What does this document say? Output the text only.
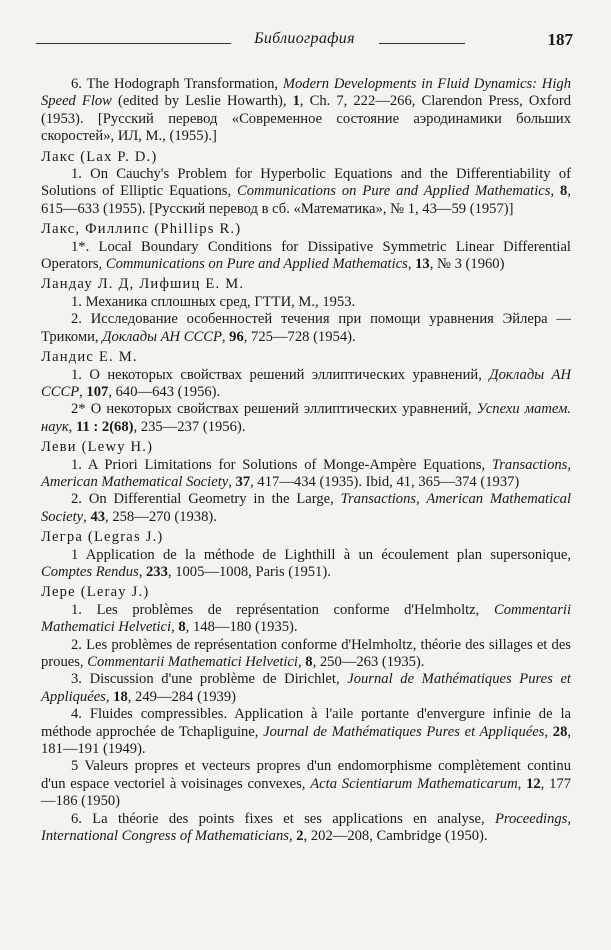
Библиография	187
6. The Hodograph Transformation, Modern Developments in Fluid Dynamics: High Speed Flow (edited by Leslie Howarth), 1, Ch. 7, 222—266, Clarendon Press, Oxford (1953). [Русский перевод «Современное состояние аэродинамики больших скоростей», ИЛ, М., (1955).]
Лакс (Lax P. D.)
1. On Cauchy's Problem for Hyperbolic Equations and the Differentiability of Solutions of Elliptic Equations, Communications on Pure and Applied Mathematics, 8, 615—633 (1955). [Русский перевод в сб. «Математика», № 1, 43—59 (1957)]
Лакс, Филлипс (Phillips R.)
1*. Local Boundary Conditions for Dissipative Symmetric Linear Differential Operators, Communications on Pure and Applied Mathematics, 13, № 3 (1960)
Ландау Л. Д, Лифшиц Е. М.
1. Механика сплошных сред, ГТТИ, М., 1953.
2. Исследование особенностей течения при помощи уравнения Эйлера — Трикоми, Доклады АН СССР, 96, 725—728 (1954).
Ландис Е. М.
1. О некоторых свойствах решений эллиптических уравнений, Доклады АН СССР, 107, 640—643 (1956).
2* О некоторых свойствах решений эллиптических уравнений, Успехи матем. наук, 11 : 2(68), 235—237 (1956).
Леви (Lewy H.)
1. A Priori Limitations for Solutions of Monge-Ampère Equations, Transactions, American Mathematical Society, 37, 417—434 (1935). Ibid, 41, 365—374 (1937)
2. On Differential Geometry in the Large, Transactions, American Mathematical Society, 43, 258—270 (1938).
Легра (Legras J.)
1 Application de la méthode de Lighthill à un écoulement plan supersonique, Comptes Rendus, 233, 1005—1008, Paris (1951).
Лере (Leray J.)
1. Les problèmes de représentation conforme d'Helmholtz, Commentarii Mathematici Helvetici, 8, 148—180 (1935).
2. Les problèmes de représentation conforme d'Helmholtz, théorie des sillages et des proues, Commentarii Mathematici Helvetici, 8, 250—263 (1935).
3. Discussion d'une problème de Dirichlet, Journal de Mathématiques Pures et Appliquées, 18, 249—284 (1939)
4. Fluides compressibles. Application à l'aile portante d'envergure infinie de la méthode approchée de Tchapliguine, Journal de Mathématiques Pures et Appliquées, 28, 181—191 (1949).
5 Valeurs propres et vecteurs propres d'un endomorphisme complètement continu d'un espace vectoriel à voisinages convexes, Acta Scientiarum Mathematicarum, 12, 177—186 (1950)
6. La théorie des points fixes et ses applications en analyse, Proceedings, International Congress of Mathematicians, 2, 202—208, Cambridge (1950).
